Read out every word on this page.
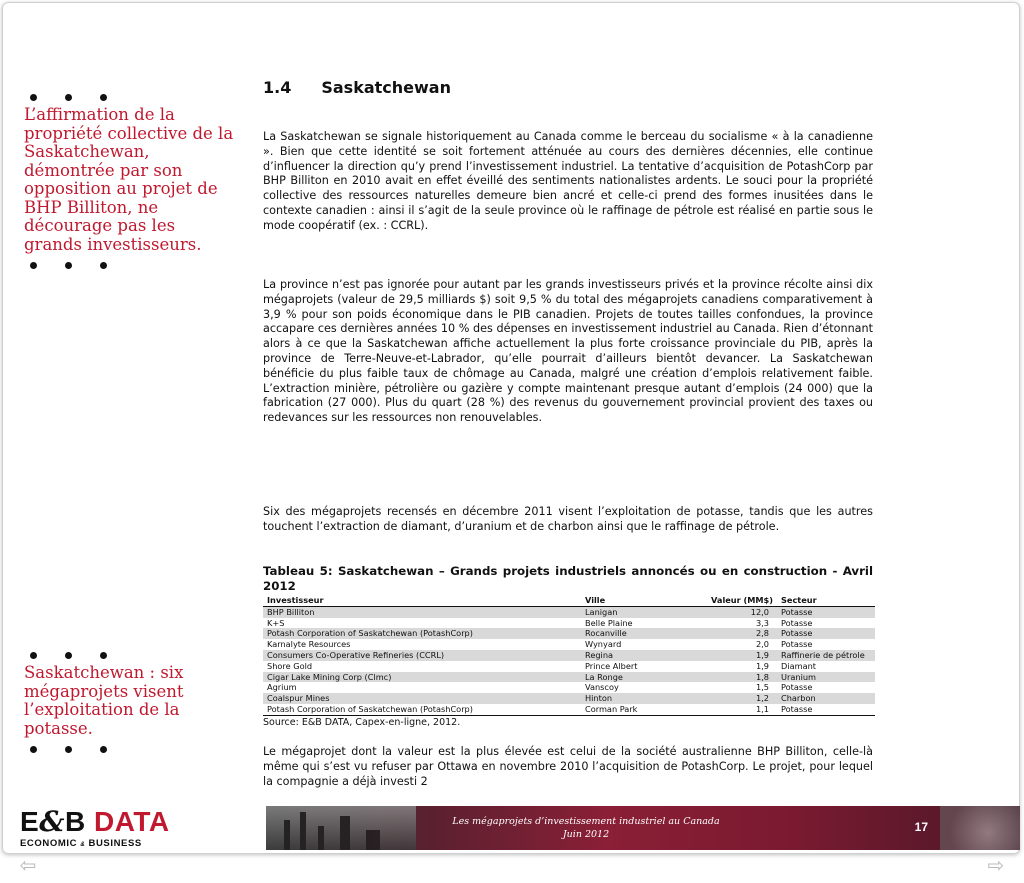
L’affirmation de la propriété collective de la Saskatchewan, démontrée par son opposition au projet de BHP Billiton, ne décourage pas les grands investisseurs.
Saskatchewan : six mégaprojets visent l’exploitation de la potasse.
1.4 Saskatchewan

La Saskatchewan se signale historiquement au Canada comme le berceau du socialisme « à la canadienne ». Bien que cette identité se soit fortement atténuée au cours des dernières décennies, elle continue d’influencer la direction qu’y prend l’investissement industriel. La tentative d’acquisition de PotashCorp par BHP Billiton en 2010 avait en effet éveillé des sentiments nationalistes ardents. Le souci pour la propriété collective des ressources naturelles demeure bien ancré et celle-ci prend des formes inusitées dans le contexte canadien : ainsi il s’agit de la seule province où le raffinage de pétrole est réalisé en partie sous le mode coopératif (ex. : CCRL).

La province n’est pas ignorée pour autant par les grands investisseurs privés et la province récolte ainsi dix mégaprojets (valeur de 29,5 milliards $) soit 9,5 % du total des mégaprojets canadiens comparativement à 3,9 % pour son poids économique dans le PIB canadien. Projets de toutes tailles confondues, la province accapare ces dernières années 10 % des dépenses en investissement industriel au Canada. Rien d’étonnant alors à ce que la Saskatchewan affiche actuellement la plus forte croissance provinciale du PIB, après la province de Terre-Neuve-et-Labrador, qu’elle pourrait d’ailleurs bientôt devancer. La Saskatchewan bénéficie du plus faible taux de chômage au Canada, malgré une création d’emplois relativement faible. L’extraction minière, pétrolière ou gazière y compte maintenant presque autant d’emplois (24 000) que la fabrication (27 000). Plus du quart (28 %) des revenus du gouvernement provincial provient des taxes ou redevances sur les ressources non renouvelables.

Six des mégaprojets recensés en décembre 2011 visent l’exploitation de potasse, tandis que les autres touchent l’extraction de diamant, d’uranium et de charbon ainsi que le raffinage de pétrole.

Tableau 5: Saskatchewan – Grands projets industriels annoncés ou en construction - Avril 2012
Investisseur	Ville	Valeur (MM$)	Secteur
BHP Billiton	Lanigan	12,0	Potasse
K+S	Belle Plaine	3,3	Potasse
Potash Corporation of Saskatchewan (PotashCorp)	Rocanville	2,8	Potasse
Karnalyte Resources	Wynyard	2,0	Potasse
Consumers Co-Operative Refineries (CCRL)	Regina	1,9	Raffinerie de pétrole
Shore Gold	Prince Albert	1,9	Diamant
Cigar Lake Mining Corp (Clmc)	La Ronge	1,8	Uranium
Agrium	Vanscoy	1,5	Potasse
Coalspur Mines	Hinton	1,2	Charbon
Potash Corporation of Saskatchewan (PotashCorp)	Corman Park	1,1	Potasse
Source: E&B DATA, Capex-en-ligne, 2012.

Le mégaprojet dont la valeur est la plus élevée est celui de la société australienne BHP Billiton, celle-là même qui s’est vu refuser par Ottawa en novembre 2010 l’acquisition de PotashCorp. Le projet, pour lequel la compagnie a déjà investi 2

E&B DATA
ECONOMIC & BUSINESS
Les mégaprojets d’investissement industriel au Canada
Juin 2012
17
⇦	⇨
